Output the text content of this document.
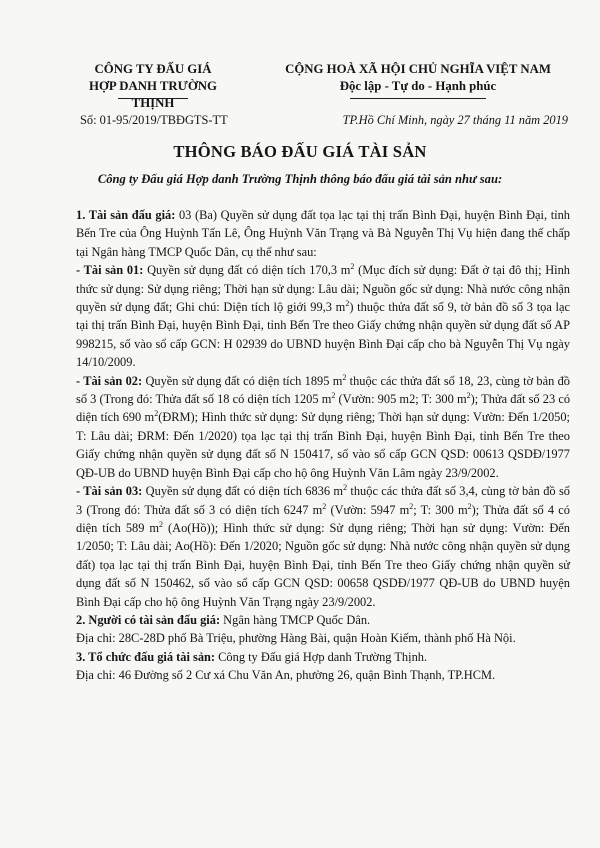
CÔNG TY ĐẤU GIÁ
HỢP DANH TRƯỜNG THỊNH
CỘNG HOÀ XÃ HỘI CHỦ NGHĨA VIỆT NAM
Độc lập - Tự do - Hạnh phúc
Số: 01-95/2019/TBĐGTS-TT	TP.Hồ Chí Minh, ngày 27 tháng 11 năm 2019
THÔNG BÁO ĐẤU GIÁ TÀI SẢN
Công ty Đấu giá Hợp danh Trường Thịnh thông báo đấu giá tài sản như sau:

1. Tài sản đấu giá: 03 (Ba) Quyền sử dụng đất tọa lạc tại thị trấn Bình Đại, huyện Bình Đại, tỉnh Bến Tre của Ông Huỳnh Tấn Lê, Ông Huỳnh Văn Trạng và Bà Nguyễn Thị Vụ hiện đang thế chấp tại Ngân hàng TMCP Quốc Dân, cụ thể như sau:

- Tài sản 01: Quyền sử dụng đất có diện tích 170,3 $m^2$ (Mục đích sử dụng: Đất ở tại đô thị; Hình thức sử dụng: Sử dụng riêng; Thời hạn sử dụng: Lâu dài; Nguồn gốc sử dụng: Nhà nước công nhận quyền sử dụng đất; Ghi chú: Diện tích lộ giới 99,3 $m^2$) thuộc thửa đất số 9, tờ bản đồ số 3 tọa lạc tại thị trấn Bình Đại, huyện Bình Đại, tỉnh Bến Tre theo Giấy chứng nhận quyền sử dụng đất số AP 998215, số vào sổ cấp GCN: H 02939 do UBND huyện Bình Đại cấp cho bà Nguyễn Thị Vụ ngày 14/10/2009.

- Tài sản 02: Quyền sử dụng đất có diện tích 1895 $m^2$ thuộc các thửa đất số 18, 23, cùng tờ bản đồ số 3 (Trong đó: Thửa đất số 18 có diện tích 1205 $m^2$ (Vườn: 905 m2; T: 300 $m^2$); Thửa đất số 23 có diện tích 690 $m^2(ĐRM)$; Hình thức sử dụng: Sử dụng riêng; Thời hạn sử dụng: Vườn: Đến 1/2050; T: Lâu dài; ĐRM: Đến 1/2020) tọa lạc tại thị trấn Bình Đại, huyện Bình Đại, tỉnh Bến Tre theo Giấy chứng nhận quyền sử dụng đất số N 150417, số vào sổ cấp GCN QSD: 00613 QSDĐ/1977 QĐ-UB do UBND huyện Bình Đại cấp cho hộ ông Huỳnh Văn Lâm ngày 23/9/2002.

- Tài sản 03: Quyền sử dụng đất có diện tích 6836 $m^2$ thuộc các thửa đất số 3,4, cùng tờ bản đồ số 3 (Trong đó: Thửa đất số 3 có diện tích 6247 $m^2$ (Vườn: 5947 $m^2$; T: 300 $m^2$); Thửa đất số 4 có diện tích 589 $m^2$ (Ao(Hồ)); Hình thức sử dụng: Sử dụng riêng; Thời hạn sử dụng: Vườn: Đến 1/2050; T: Lâu dài; Ao(Hồ): Đến 1/2020; Nguồn gốc sử dụng: Nhà nước công nhận quyền sử dụng đất) tọa lạc tại thị trấn Bình Đại, huyện Bình Đại, tỉnh Bến Tre theo Giấy chứng nhận quyền sử dụng đất số N 150462, số vào sổ cấp GCN QSD: 00658 QSDĐ/1977 QĐ-UB do UBND huyện Bình Đại cấp cho hộ ông Huỳnh Văn Trạng ngày 23/9/2002.

2. Người có tài sản đấu giá: Ngân hàng TMCP Quốc Dân.

Địa chỉ: 28C-28D phố Bà Triệu, phường Hàng Bài, quận Hoàn Kiếm, thành phố Hà Nội.

3. Tổ chức đấu giá tài sản: Công ty Đấu giá Hợp danh Trường Thịnh.

Địa chỉ: 46 Đường số 2 Cư xá Chu Văn An, phường 26, quận Bình Thạnh, TP.HCM.
